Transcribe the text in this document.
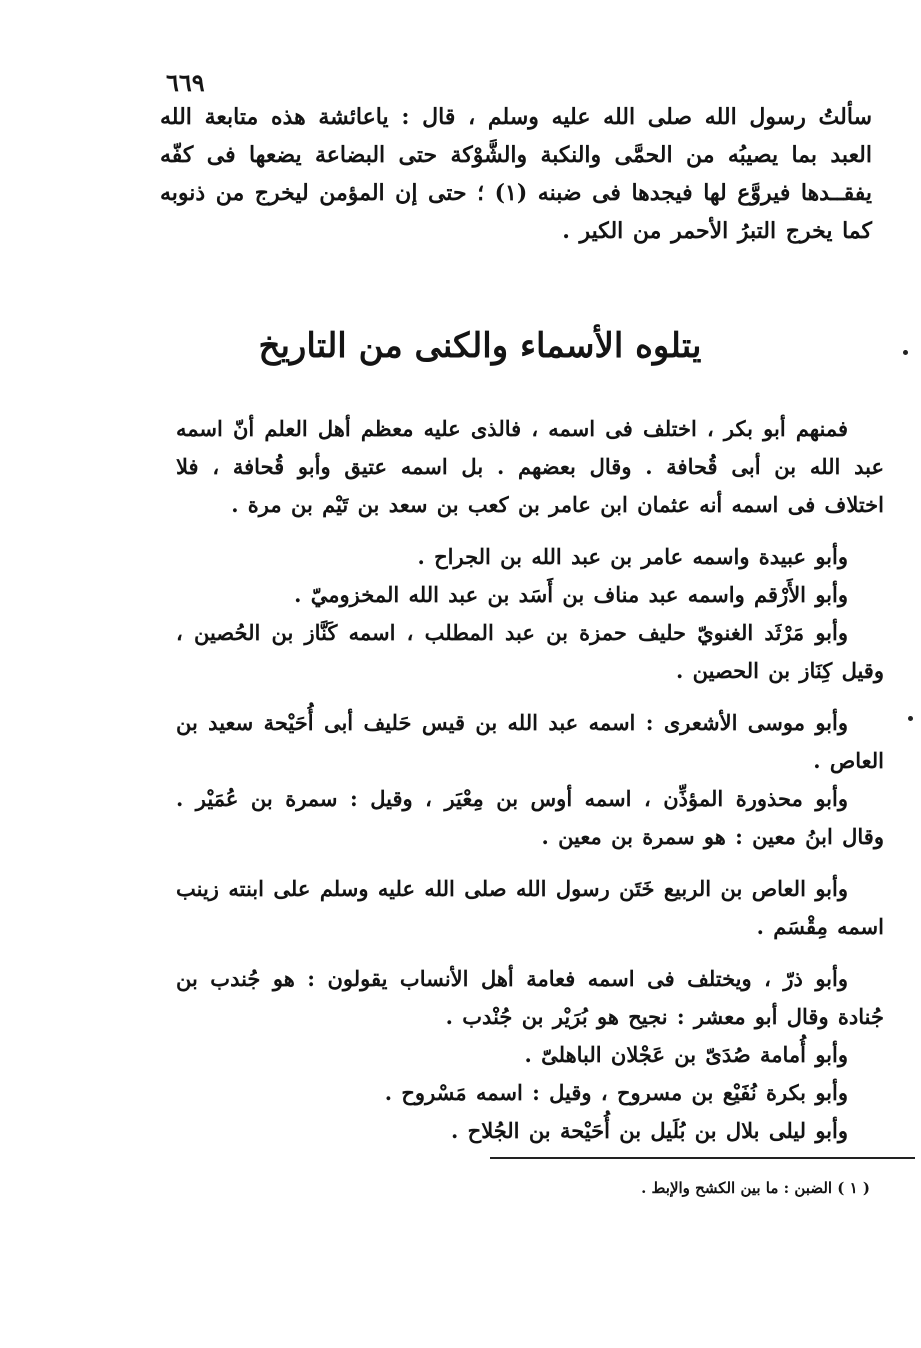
٦٦٩

سألتُ رسول الله صلى الله عليه وسلم ، قال : ياعائشة هذه متابعة الله العبد بما يصيبُه من الحمَّى والنكبة والشَّوْكة حتى البضاعة يضعها فى كفّه يفقــدها فيروَّع لها فيجدها فى ضبنه (١) ؛ حتى إن المؤمن ليخرج من ذنوبه كما يخرج التبرُ الأحمر من الكير .

يتلوه الأسماء والكنى من التاريخ

فمنهم أبو بكر ، اختلف فى اسمه ، فالذى عليه معظم أهل العلم أنّ اسمه عبد الله بن أبى قُحافة . وقال بعضهم . بل اسمه عتيق وأبو قُحافة ، فلا اختلاف فى اسمه أنه عثمان ابن عامر بن كعب بن سعد بن تَيْم بن مرة .

وأبو عبيدة واسمه عامر بن عبد الله بن الجراح .

وأبو الأَرْقم واسمه عبد مناف بن أَسَد بن عبد الله المخزوميّ .

وأبو مَرْثَد الغنويّ حليف حمزة بن عبد المطلب ، اسمه كَنَّاز بن الحُصين ، وقيل كِنَاز بن الحصين .

وأبو موسى الأشعرى : اسمه عبد الله بن قيس حَليف أبى أُحَيْحة سعيد بن العاص .

وأبو محذورة المؤذِّن ، اسمه أوس بن مِعْيَر ، وقيل : سمرة بن عُمَيْر . وقال ابنُ معين : هو سمرة بن معين .

وأبو العاص بن الربيع خَتَن رسول الله صلى الله عليه وسلم على ابنته زينب اسمه مِقْسَم .

وأبو ذرّ ، ويختلف فى اسمه فعامة أهل الأنساب يقولون : هو جُندب بن جُنادة وقال أبو معشر : نجيح هو بُرَيْر بن جُنْدب .

وأبو أُمامة صُدَىّ بن عَجْلان الباهلىّ .

وأبو بكرة نُفَيْع بن مسروح ، وقيل : اسمه مَسْروح .

وأبو ليلى بلال بن بُلَيل بن أُحَيْحة بن الجُلاح .

( ١ ) الضبن : ما بين الكشح والإبط .
